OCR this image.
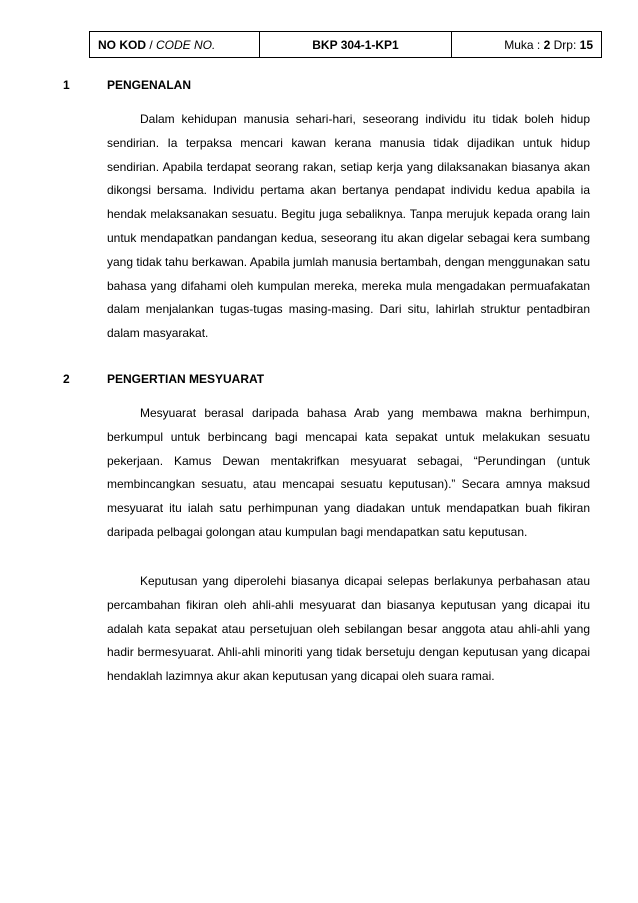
NO KOD / CODE NO.	BKP 304-1-KP1	Muka : 2 Drp: 15
1	PENGENALAN

Dalam kehidupan manusia sehari-hari, seseorang individu itu tidak boleh hidup sendirian. Ia terpaksa mencari kawan kerana manusia tidak dijadikan untuk hidup sendirian. Apabila terdapat seorang rakan, setiap kerja yang dilaksanakan biasanya akan dikongsi bersama. Individu pertama akan bertanya pendapat individu kedua apabila ia hendak melaksanakan sesuatu. Begitu juga sebaliknya. Tanpa merujuk kepada orang lain untuk mendapatkan pandangan kedua, seseorang itu akan digelar sebagai kera sumbang yang tidak tahu berkawan. Apabila jumlah manusia bertambah, dengan menggunakan satu bahasa yang difahami oleh kumpulan mereka, mereka mula mengadakan permuafakatan dalam menjalankan tugas-tugas masing-masing. Dari situ, lahirlah struktur pentadbiran dalam masyarakat.

2	PENGERTIAN MESYUARAT

Mesyuarat berasal daripada bahasa Arab yang membawa makna berhimpun, berkumpul untuk berbincang bagi mencapai kata sepakat untuk melakukan sesuatu pekerjaan. Kamus Dewan mentakrifkan mesyuarat sebagai, “Perundingan (untuk membincangkan sesuatu, atau mencapai sesuatu keputusan).” Secara amnya maksud mesyuarat itu ialah satu perhimpunan yang diadakan untuk mendapatkan buah fikiran daripada pelbagai golongan atau kumpulan bagi mendapatkan satu keputusan.

Keputusan yang diperolehi biasanya dicapai selepas berlakunya perbahasan atau percambahan fikiran oleh ahli-ahli mesyuarat dan biasanya keputusan yang dicapai itu adalah kata sepakat atau persetujuan oleh sebilangan besar anggota atau ahli-ahli yang hadir bermesyuarat. Ahli-ahli minoriti yang tidak bersetuju dengan keputusan yang dicapai hendaklah lazimnya akur akan keputusan yang dicapai oleh suara ramai.
